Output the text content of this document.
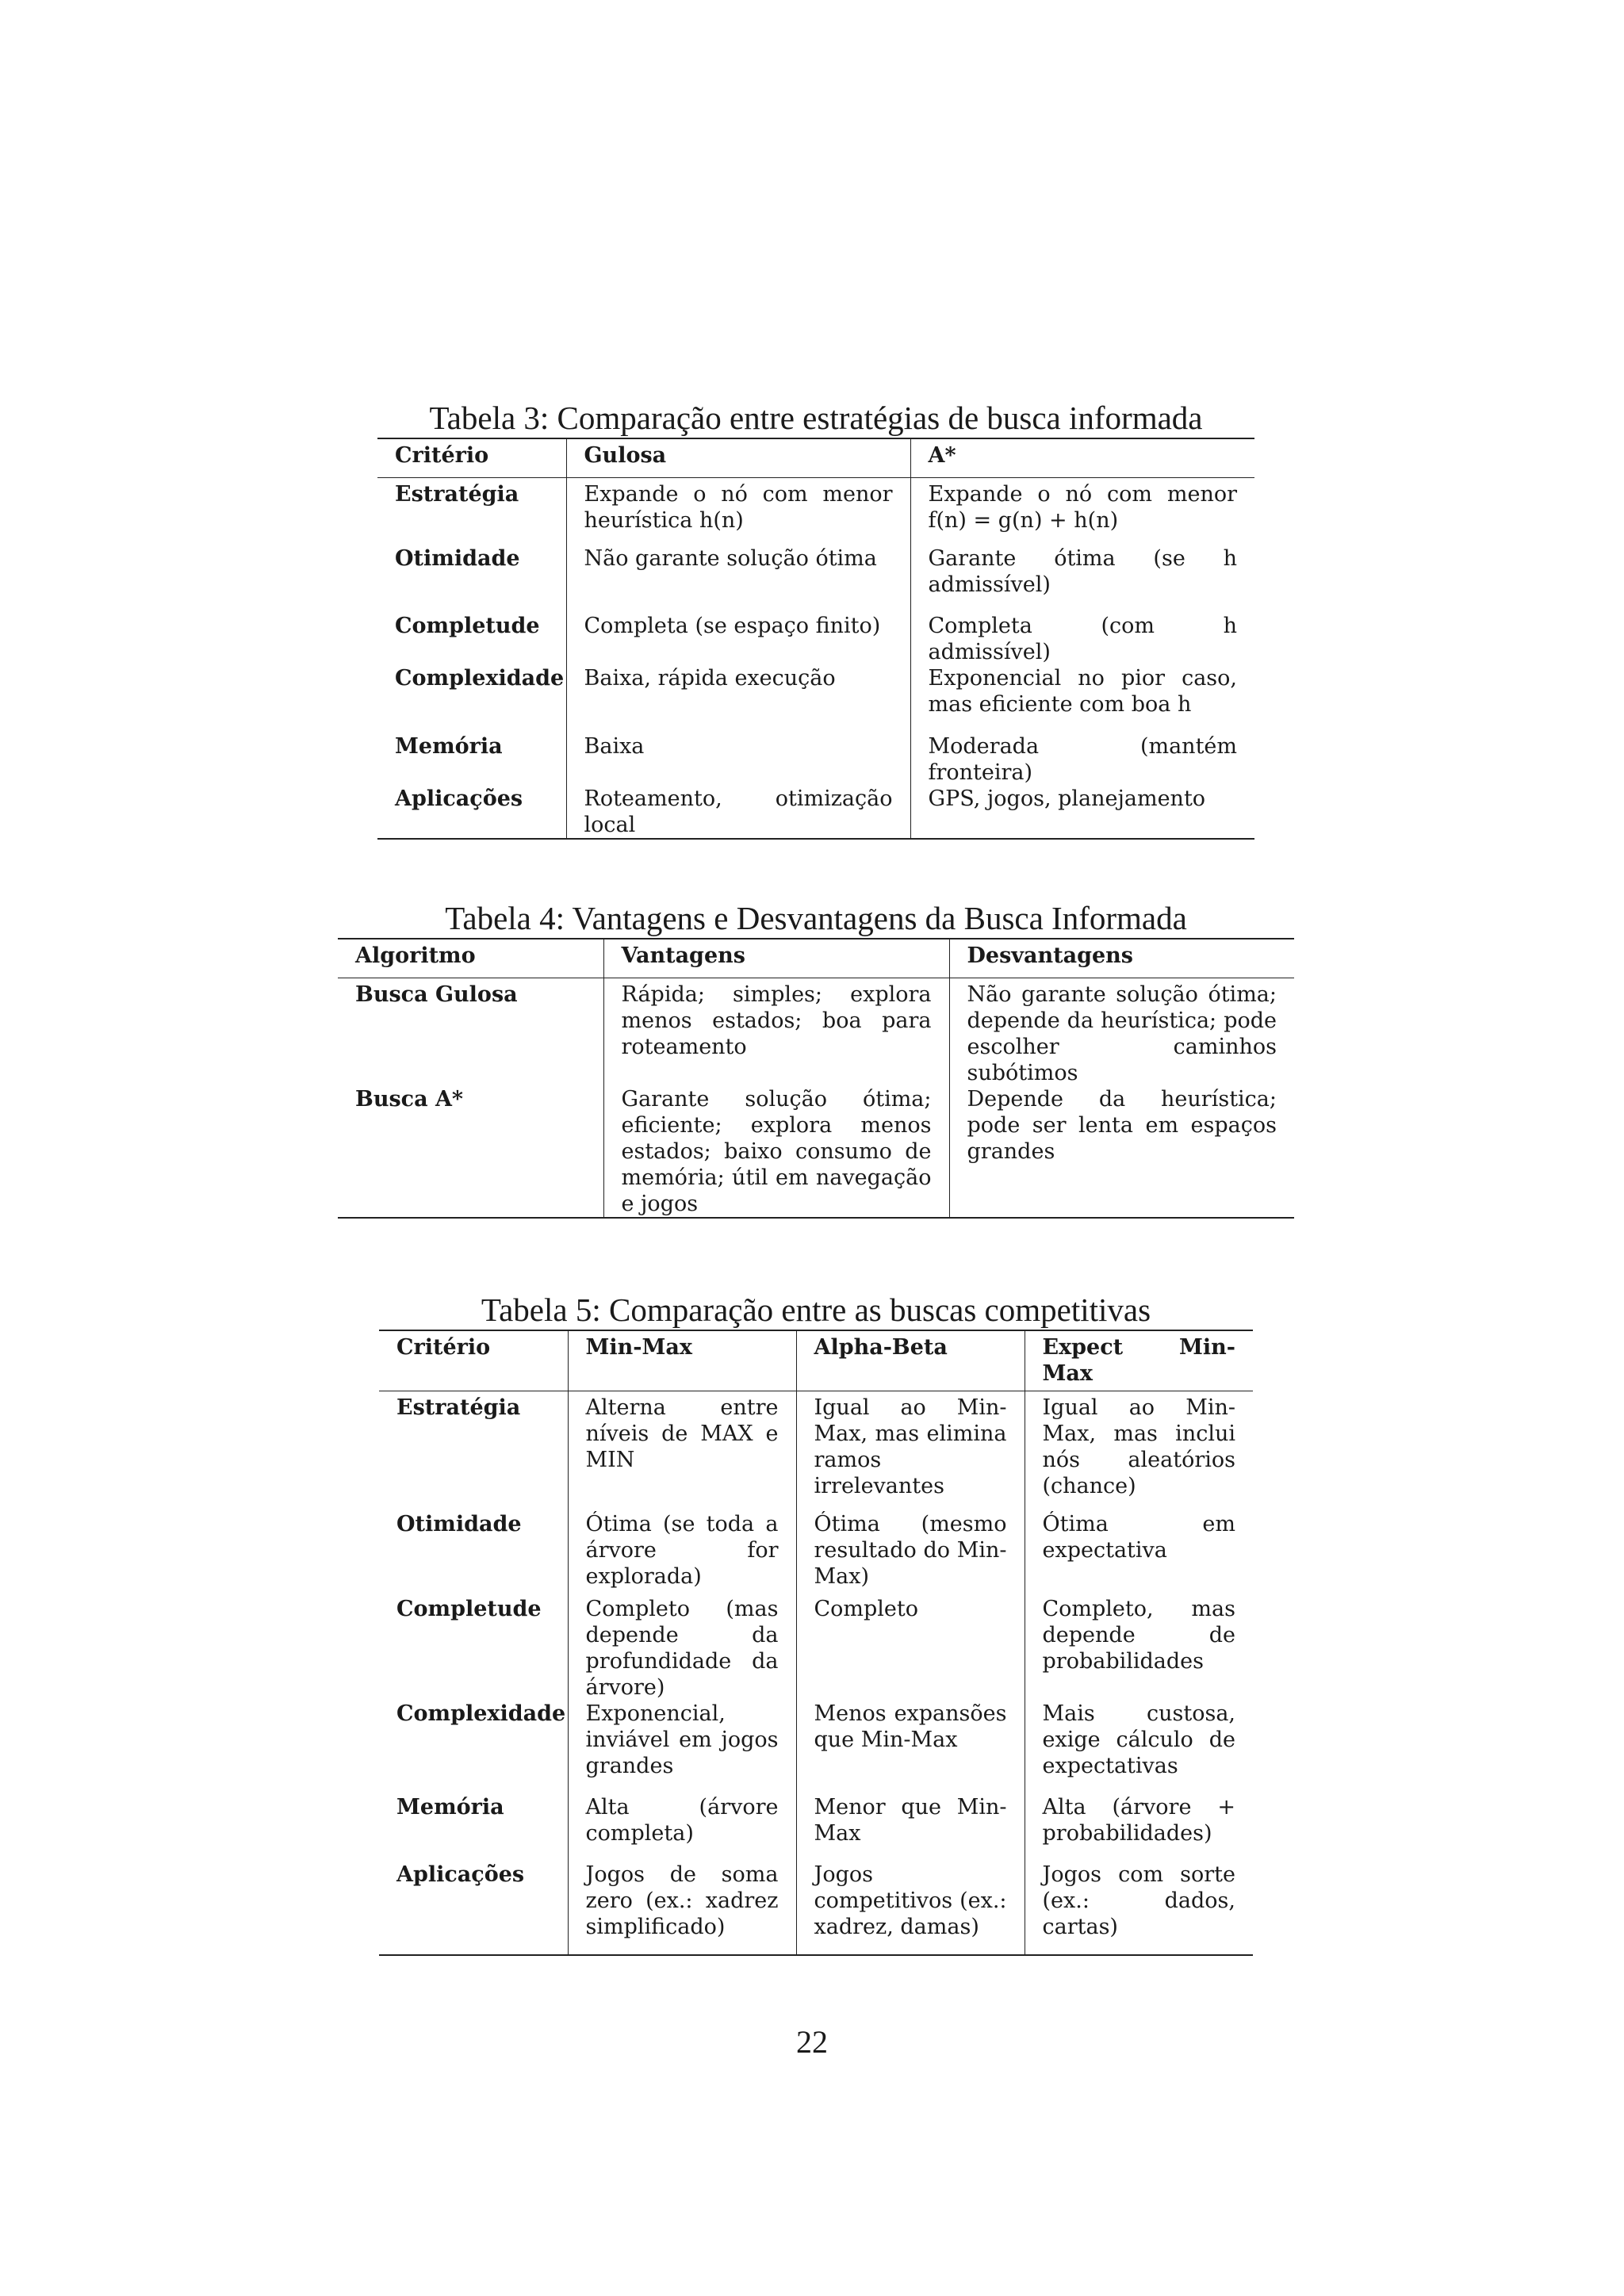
Tabela 3: Comparação entre estratégias de busca informada
Critério	Gulosa	A*
Estratégia	Expande o nó com menor heurística h(n)	Expande o nó com menor f(n) = g(n) + h(n)
Otimidade	Não garante solução ótima	Garante ótima (se h admissível)
Completude	Completa (se espaço finito)	Completa (com h admissível)
Complexidade	Baixa, rápida execução	Exponencial no pior caso, mas eficiente com boa h
Memória	Baixa	Moderada (mantém fronteira)
Aplicações	Roteamento, otimização local	GPS, jogos, planejamento
Tabela 4: Vantagens e Desvantagens da Busca Informada
Algoritmo	Vantagens	Desvantagens
Busca Gulosa	Rápida; simples; explora menos estados; boa para roteamento	Não garante solução ótima; depende da heurística; pode escolher caminhos subótimos
Busca A*	Garante solução ótima; eficiente; explora menos estados; baixo consumo de memória; útil em navegação e jogos	Depende da heurística; pode ser lenta em espaços grandes
Tabela 5: Comparação entre as buscas competitivas
Critério	Min-Max	Alpha-Beta	Expect Min-Max
Estratégia	Alterna entre níveis de MAX e MIN	Igual ao Min-Max, mas elimina ramos irrelevantes	Igual ao Min-Max, mas inclui nós aleatórios (chance)
Otimidade	Ótima (se toda a árvore for explorada)	Ótima (mesmo resultado do Min-Max)	Ótima em expectativa
Completude	Completo (mas depende da profundidade da árvore)	Completo	Completo, mas depende de probabilidades
Complexidade	Exponencial, inviável em jogos grandes	Menos expansões que Min-Max	Mais custosa, exige cálculo de expectativas
Memória	Alta (árvore completa)	Menor que Min-Max	Alta (árvore + probabilidades)
Aplicações	Jogos de soma zero (ex.: xadrez simplificado)	Jogos competitivos (ex.: xadrez, damas)	Jogos com sorte (ex.: dados, cartas)
22
